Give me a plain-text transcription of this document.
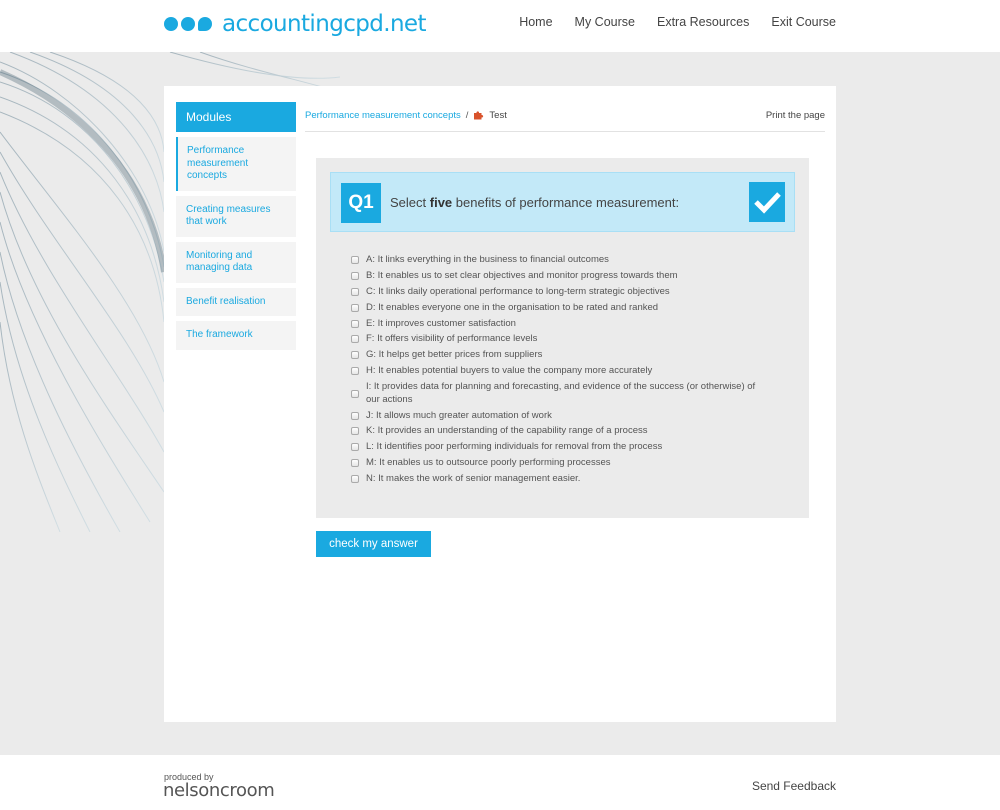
accountingcpd.net	Home My Course Extra Resources Exit Course
Modules
Performance measurement concepts
Creating measures that work
Monitoring and managing data
Benefit realisation
The framework
Performance measurement concepts / Test	Print the page
Q1	Select five benefits of performance measurement:
A: It links everything in the business to financial outcomes
B: It enables us to set clear objectives and monitor progress towards them
C: It links daily operational performance to long-term strategic objectives
D: It enables everyone one in the organisation to be rated and ranked
E: It improves customer satisfaction
F: It offers visibility of performance levels
G: It helps get better prices from suppliers
H: It enables potential buyers to value the company more accurately
I: It provides data for planning and forecasting, and evidence of the success (or otherwise) of our actions
J: It allows much greater automation of work
K: It provides an understanding of the capability range of a process
L: It identifies poor performing individuals for removal from the process
M: It enables us to outsource poorly performing processes
N: It makes the work of senior management easier.
check my answer
produced by
nelsoncroom	Send Feedback
